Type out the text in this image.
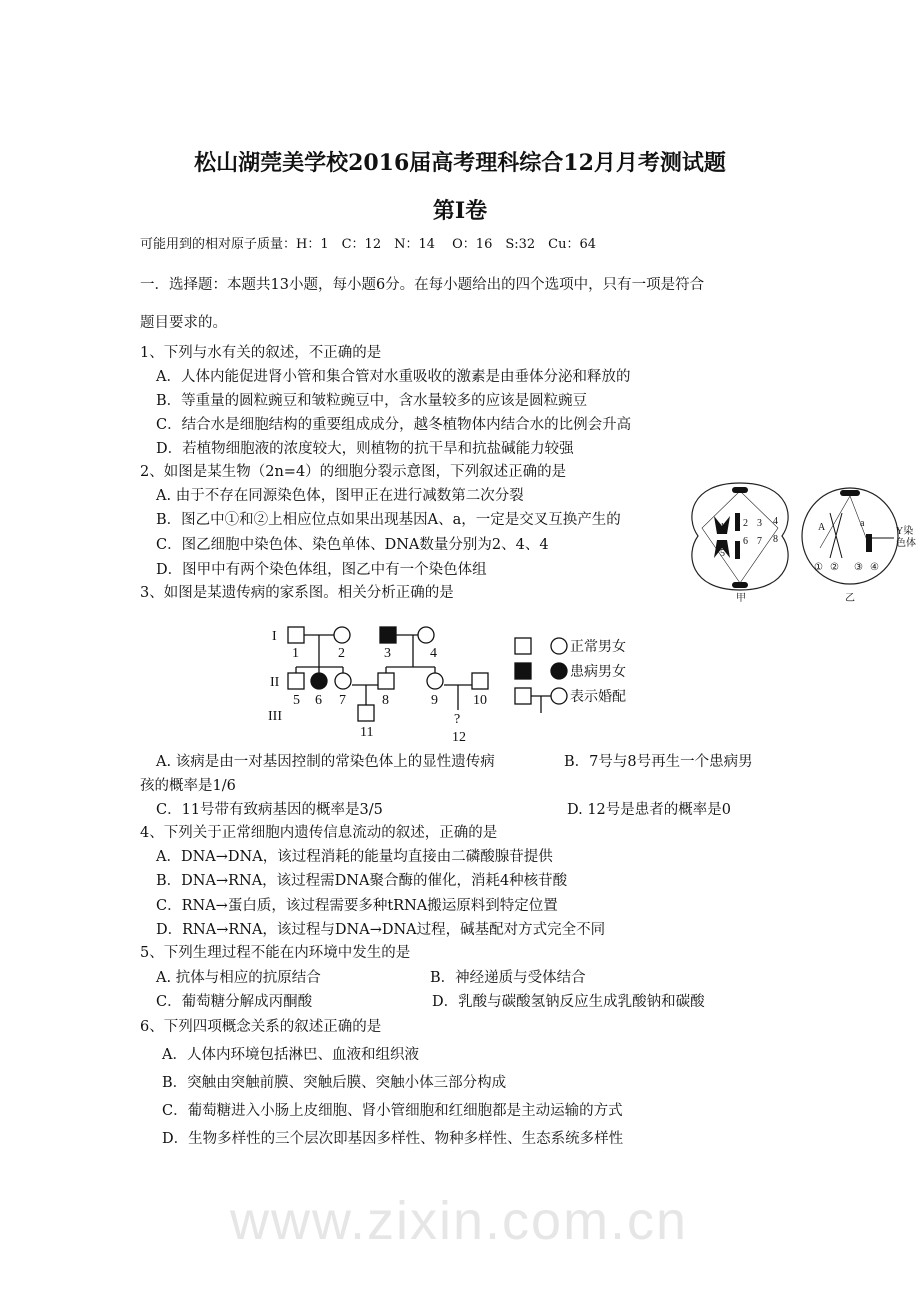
www.zixin.com.cn
松山湖莞美学校2016届高考理科综合12月月考测试题
第Ⅰ卷
可能用到的相对原子质量：H：1　C：12　N：14　 O：16　S:32　Cu：64
一．选择题：本题共13小题，每小题6分。在每小题给出的四个选项中，只有一项是符合
题目要求的。
1、下列与水有关的叙述，不正确的是
A．人体内能促进肾小管和集合管对水重吸收的激素是由垂体分泌和释放的
B．等重量的圆粒豌豆和皱粒豌豆中，含水量较多的应该是圆粒豌豆
C．结合水是细胞结构的重要组成成分，越冬植物体内结合水的比例会升高
D．若植物细胞液的浓度较大，则植物的抗干旱和抗盐碱能力较强
2、如图是某生物（2n=4）的细胞分裂示意图，下列叙述正确的是
A. 由于不存在同源染色体，图甲正在进行减数第二次分裂
B．图乙中①和②上相应位点如果出现基因A、a，一定是交叉互换产生的
C．图乙细胞中染色体、染色单体、DNA数量分别为2、4、4
D．图甲中有两个染色体组，图乙中有一个染色体组
1
5
2
6
3
7
4
8
A	a
① ② ③ ④
Y染
色体
甲	乙
3、如图是某遗传病的家系图。相关分析正确的是
I
II
III
1	2	3	4
5 6 7	8	9	10
11	12
?
正常男女
患病男女
表示婚配
A. 该病是由一对基因控制的常染色体上的显性遗传病	B．7号与8号再生一个患病男
孩的概率是1/6
C．11号带有致病基因的概率是3/5	D. 12号是患者的概率是0
4、下列关于正常细胞内遗传信息流动的叙述，正确的是
A．DNA→DNA，该过程消耗的能量均直接由二磷酸腺苷提供
B．DNA→RNA，该过程需DNA聚合酶的催化，消耗4种核苷酸
C．RNA→蛋白质，该过程需要多种tRNA搬运原料到特定位置
D．RNA→RNA，该过程与DNA→DNA过程，碱基配对方式完全不同
5、下列生理过程不能在内环境中发生的是
A. 抗体与相应的抗原结合	B．神经递质与受体结合
C．葡萄糖分解成丙酮酸	D．乳酸与碳酸氢钠反应生成乳酸钠和碳酸
6、下列四项概念关系的叙述正确的是
A．人体内环境包括淋巴、血液和组织液
B．突触由突触前膜、突触后膜、突触小体三部分构成
C．葡萄糖进入小肠上皮细胞、肾小管细胞和红细胞都是主动运输的方式
D．生物多样性的三个层次即基因多样性、物种多样性、生态系统多样性
